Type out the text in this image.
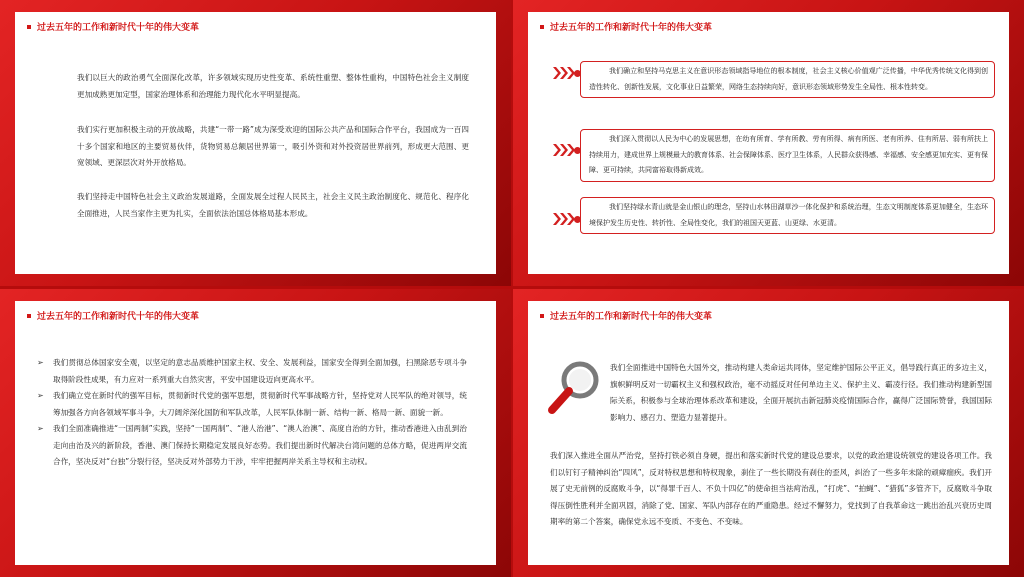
过去五年的工作和新时代十年的伟大变革

我们以巨大的政治勇气全面深化改革，许多领域实现历史性变革、系统性重塑、整体性重构，中国特色社会主义制度更加成熟更加定型，国家治理体系和治理能力现代化水平明显提高。

我们实行更加积极主动的开放战略，共建“一带一路”成为深受欢迎的国际公共产品和国际合作平台，我国成为一百四十多个国家和地区的主要贸易伙伴，货物贸易总额居世界第一，吸引外资和对外投资居世界前列，形成更大范围、更宽领域、更深层次对外开放格局。

我们坚持走中国特色社会主义政治发展道路，全面发展全过程人民民主，社会主义民主政治制度化、规范化、程序化全面推进，人民当家作主更为扎实，全面依法治国总体格局基本形成。

过去五年的工作和新时代十年的伟大变革
我们确立和坚持马克思主义在意识形态领域指导地位的根本制度，社会主义核心价值观广泛传播，中华优秀传统文化得到创造性转化、创新性发展，文化事业日益繁荣，网络生态持续向好，意识形态领域形势发生全局性、根本性转变。
我们深入贯彻以人民为中心的发展思想，在幼有所育、学有所教、劳有所得、病有所医、老有所养、住有所居、弱有所扶上持续用力，建成世界上规模最大的教育体系、社会保障体系、医疗卫生体系，人民群众获得感、幸福感、安全感更加充实、更有保障、更可持续，共同富裕取得新成效。
我们坚持绿水青山就是金山银山的理念，坚持山水林田湖草沙一体化保护和系统治理，生态文明制度体系更加健全，生态环境保护发生历史性、转折性、全局性变化，我们的祖国天更蓝、山更绿、水更清。
过去五年的工作和新时代十年的伟大变革
➢ 我们贯彻总体国家安全观，以坚定的意志品质维护国家主权、安全、发展利益，国家安全得到全面加强，扫黑除恶专项斗争取得阶段性成果，有力应对一系列重大自然灾害，平安中国建设迈向更高水平。
➢ 我们确立党在新时代的强军目标，贯彻新时代党的强军思想，贯彻新时代军事战略方针，坚持党对人民军队的绝对领导，统筹加强各方向各领域军事斗争，大刀阔斧深化国防和军队改革，人民军队体制一新、结构一新、格局一新、面貌一新。
➢ 我们全面准确推进“一国两制”实践，坚持“一国两制”、“港人治港”、“澳人治澳”、高度自治的方针，推动香港进入由乱到治走向由治及兴的新阶段，香港、澳门保持长期稳定发展良好态势。我们提出新时代解决台湾问题的总体方略，促进两岸交流合作，坚决反对“台独”分裂行径，坚决反对外部势力干涉，牢牢把握两岸关系主导权和主动权。
过去五年的工作和新时代十年的伟大变革

我们全面推进中国特色大国外交，推动构建人类命运共同体，坚定维护国际公平正义，倡导践行真正的多边主义，旗帜鲜明反对一切霸权主义和强权政治，毫不动摇反对任何单边主义、保护主义、霸凌行径。我们推动构建新型国际关系，积极参与全球治理体系改革和建设，全面开展抗击新冠肺炎疫情国际合作，赢得广泛国际赞誉，我国国际影响力、感召力、塑造力显著提升。

我们深入推进全面从严治党，坚持打铁必须自身硬，提出和落实新时代党的建设总要求，以党的政治建设统领党的建设各项工作。我们以钉钉子精神纠治“四风”，反对特权思想和特权现象，刹住了一些长期没有刹住的歪风，纠治了一些多年未除的顽瘴痼疾。我们开展了史无前例的反腐败斗争，以“得罪千百人、不负十四亿”的使命担当祛疴治乱，“打虎”、“拍蝇”、“猎狐”多管齐下，反腐败斗争取得压倒性胜利并全面巩固，消除了党、国家、军队内部存在的严重隐患。经过不懈努力，党找到了自我革命这一跳出治乱兴衰历史周期率的第二个答案，确保党永远不变质、不变色、不变味。
